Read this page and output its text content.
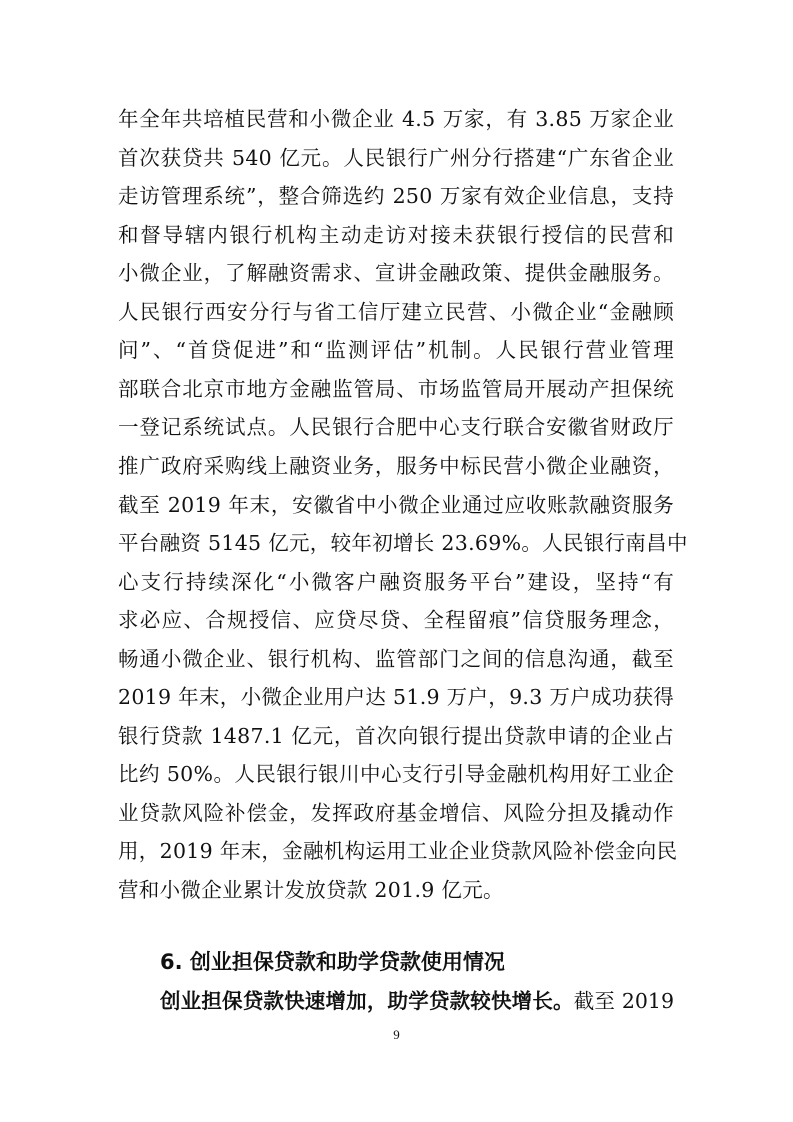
年全年共培植民营和小微企业 4.5 万家，有 3.85 万家企业
首次获贷共 540 亿元。人民银行广州分行搭建“广东省企业
走访管理系统”，整合筛选约 250 万家有效企业信息，支持
和督导辖内银行机构主动走访对接未获银行授信的民营和
小微企业，了解融资需求、宣讲金融政策、提供金融服务。
人民银行西安分行与省工信厅建立民营、小微企业“金融顾
问”、“首贷促进”和“监测评估”机制。人民银行营业管理
部联合北京市地方金融监管局、市场监管局开展动产担保统
一登记系统试点。人民银行合肥中心支行联合安徽省财政厅
推广政府采购线上融资业务，服务中标民营小微企业融资，
截至 2019 年末，安徽省中小微企业通过应收账款融资服务
平台融资 5145 亿元，较年初增长 23.69%。人民银行南昌中
心支行持续深化“小微客户融资服务平台”建设，坚持“有
求必应、合规授信、应贷尽贷、全程留痕”信贷服务理念，
畅通小微企业、银行机构、监管部门之间的信息沟通，截至
2019 年末，小微企业用户达 51.9 万户，9.3 万户成功获得
银行贷款 1487.1 亿元，首次向银行提出贷款申请的企业占
比约 50%。人民银行银川中心支行引导金融机构用好工业企
业贷款风险补偿金，发挥政府基金增信、风险分担及撬动作
用，2019 年末，金融机构运用工业企业贷款风险补偿金向民
营和小微企业累计发放贷款 201.9 亿元。
6. 创业担保贷款和助学贷款使用情况
创业担保贷款快速增加，助学贷款较快增长。截至 2019
9
